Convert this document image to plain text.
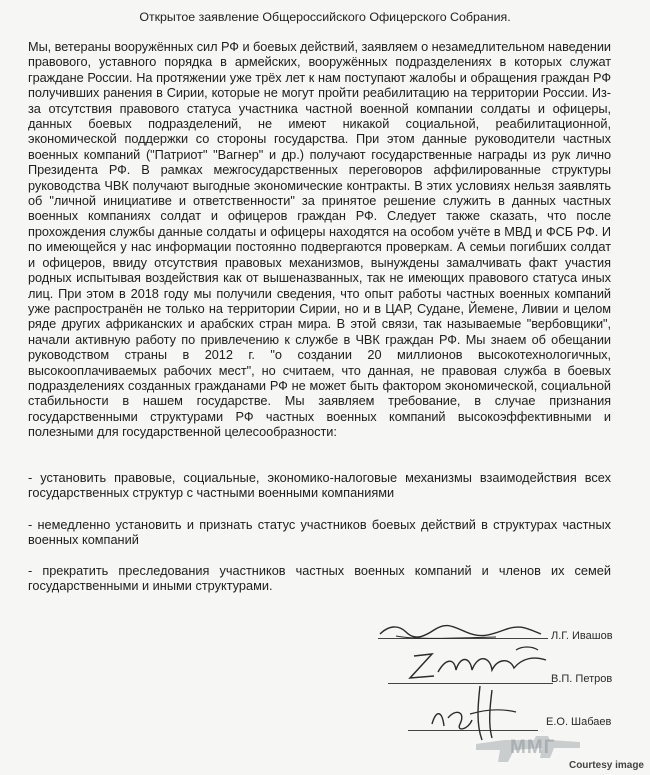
Открытое заявление Общероссийского Офицерского Собрания.
Мы, ветераны вооружённых сил РФ и боевых действий, заявляем о незамедлительном наведении правового, уставного порядка в армейских, вооружённых подразделениях в которых служат граждане России. На протяжении уже трёх лет к нам поступают жалобы и обращения граждан РФ получивших ранения в Сирии, которые не могут пройти реабилитацию на территории России. Из-за отсутствия правового статуса участника частной военной компании солдаты и офицеры, данных боевых подразделений, не имеют никакой социальной, реабилитационной, экономической поддержки со стороны государства. При этом данные руководители частных военных компаний ("Патриот" "Вагнер" и др.) получают государственные награды из рук лично Президента РФ. В рамках межгосударственных переговоров аффилированные структуры руководства ЧВК получают выгодные экономические контракты. В этих условиях нельзя заявлять об "личной инициативе и ответственности" за принятое решение служить в данных частных военных компаниях солдат и офицеров граждан РФ. Следует также сказать, что после прохождения службы данные солдаты и офицеры находятся на особом учёте в МВД и ФСБ РФ. И по имеющейся у нас информации постоянно подвергаются проверкам. А семьи погибших солдат и офицеров, ввиду отсутствия правовых механизмов, вынуждены замалчивать факт участия родных испытывая воздействия как от вышеназванных, так не имеющих правового статуса иных лиц. При этом в 2018 году мы получили сведения, что опыт работы частных военных компаний уже распространён не только на территории Сирии, но и в ЦАР, Судане, Йемене, Ливии и целом ряде других африканских и арабских стран мира. В этой связи, так называемые "вербовщики", начали активную работу по привлечению к службе в ЧВК граждан РФ. Мы знаем об обещании руководством страны в 2012 г. "о создании 20 миллионов высокотехнологичных, высокооплачиваемых рабочих мест", но считаем, что данная, не правовая служба в боевых подразделениях созданных гражданами РФ не может быть фактором экономической, социальной стабильности в нашем государстве. Мы заявляем требование, в случае признания государственными структурами РФ частных военных компаний высокоэффективными и полезными для государственной целесообразности:
- установить правовые, социальные, экономико-налоговые механизмы взаимодействия всех государственных структур с частными военными компаниями
- немедленно установить и признать статус участников боевых действий в структурах частных военных компаний
- прекратить преследования участников частных военных компаний и членов их семей государственными и иными структурами.
Л.Г. Ивашов
В.П. Петров
Е.О. Шабаев
ММГ
Courtesy image
